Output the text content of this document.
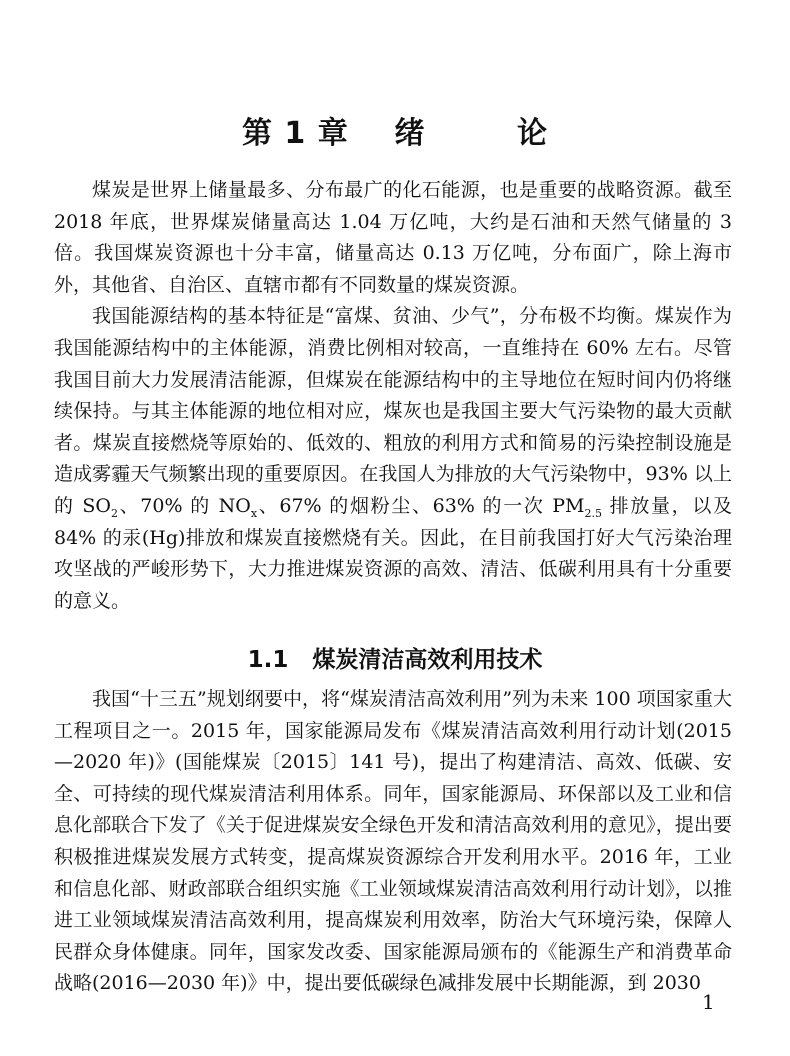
第 1 章    绪        论

煤炭是世界上储量最多、分布最广的化石能源，也是重要的战略资源。截至 2018 年底，世界煤炭储量高达 1.04 万亿吨，大约是石油和天然气储量的 3 倍。我国煤炭资源也十分丰富，储量高达 0.13 万亿吨，分布面广，除上海市外，其他省、自治区、直辖市都有不同数量的煤炭资源。

我国能源结构的基本特征是“富煤、贫油、少气”，分布极不均衡。煤炭作为我国能源结构中的主体能源，消费比例相对较高，一直维持在 60% 左右。尽管我国目前大力发展清洁能源，但煤炭在能源结构中的主导地位在短时间内仍将继续保持。与其主体能源的地位相对应，煤灰也是我国主要大气污染物的最大贡献者。煤炭直接燃烧等原始的、低效的、粗放的利用方式和简易的污染控制设施是造成雾霾天气频繁出现的重要原因。在我国人为排放的大气污染物中，93% 以上的 $SO_2$、70% 的 $NO_x$、67% 的烟粉尘、63% 的一次 $PM_{2.5}$ 排放量，以及 84% 的汞(Hg)排放和煤炭直接燃烧有关。因此，在目前我国打好大气污染治理攻坚战的严峻形势下，大力推进煤炭资源的高效、清洁、低碳利用具有十分重要的意义。

1.1   煤炭清洁高效利用技术

我国“十三五”规划纲要中，将“煤炭清洁高效利用”列为未来 100 项国家重大工程项目之一。2015 年，国家能源局发布《煤炭清洁高效利用行动计划(2015—2020 年)》(国能煤炭〔2015〕141 号)，提出了构建清洁、高效、低碳、安全、可持续的现代煤炭清洁利用体系。同年，国家能源局、环保部以及工业和信息化部联合下发了《关于促进煤炭安全绿色开发和清洁高效利用的意见》，提出要积极推进煤炭发展方式转变，提高煤炭资源综合开发利用水平。2016 年，工业和信息化部、财政部联合组织实施《工业领域煤炭清洁高效利用行动计划》，以推进工业领域煤炭清洁高效利用，提高煤炭利用效率，防治大气环境污染，保障人民群众身体健康。同年，国家发改委、国家能源局颁布的《能源生产和消费革命战略(2016—2030 年)》中，提出要低碳绿色减排发展中长期能源，到 2030

1
